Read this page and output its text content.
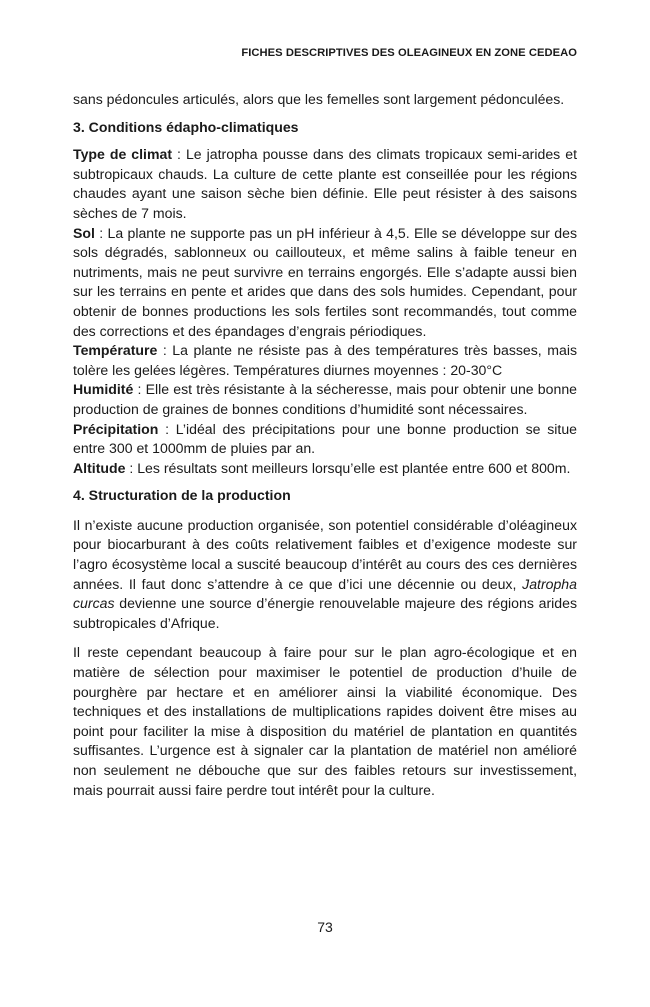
FICHES DESCRIPTIVES DES OLEAGINEUX EN ZONE CEDEAO

sans pédoncules articulés, alors que les femelles sont largement pédonculées.

3. Conditions édapho-climatiques

Type de climat : Le jatropha pousse dans des climats tropicaux semi-arides et subtropicaux chauds. La culture de cette plante est conseillée pour les régions chaudes ayant une saison sèche bien définie. Elle peut résister à des saisons sèches de 7 mois.

Sol : La plante ne supporte pas un pH inférieur à 4,5. Elle se développe sur des sols dégradés, sablonneux ou caillouteux, et même salins à faible teneur en nutriments, mais ne peut survivre en terrains engorgés. Elle s’adapte aussi bien sur les terrains en pente et arides que dans des sols humides. Cependant, pour obtenir de bonnes productions les sols fertiles sont recommandés, tout comme des corrections et des épandages d’engrais périodiques.

Température : La plante ne résiste pas à des températures très basses, mais tolère les gelées légères. Températures diurnes moyennes : 20-30°C

Humidité : Elle est très résistante à la sécheresse, mais pour obtenir une bonne production de graines de bonnes conditions d’humidité sont nécessaires.

Précipitation : L’idéal des précipitations pour une bonne production se situe entre 300 et 1000mm de pluies par an.

Altitude : Les résultats sont meilleurs lorsqu’elle est plantée entre 600 et 800m.

4. Structuration de la production

Il n’existe aucune production organisée, son potentiel considérable d’oléagineux pour biocarburant à des coûts relativement faibles et d’exigence modeste sur l’agro écosystème local a suscité beaucoup d’intérêt au cours des ces dernières années. Il faut donc s’attendre à ce que d’ici une décennie ou deux, Jatropha curcas devienne une source d’énergie renouvelable majeure des régions arides subtropicales d’Afrique.

Il reste cependant beaucoup à faire pour sur le plan agro-écologique et en matière de sélection pour maximiser le potentiel de production d’huile de pourghère par hectare et en améliorer ainsi la viabilité économique. Des techniques et des installations de multiplications rapides doivent être mises au point pour faciliter la mise à disposition du matériel de plantation en quantités suffisantes. L’urgence est à signaler car la plantation de matériel non amélioré non seulement ne débouche que sur des faibles retours sur investissement, mais pourrait aussi faire perdre tout intérêt pour la culture.

73
